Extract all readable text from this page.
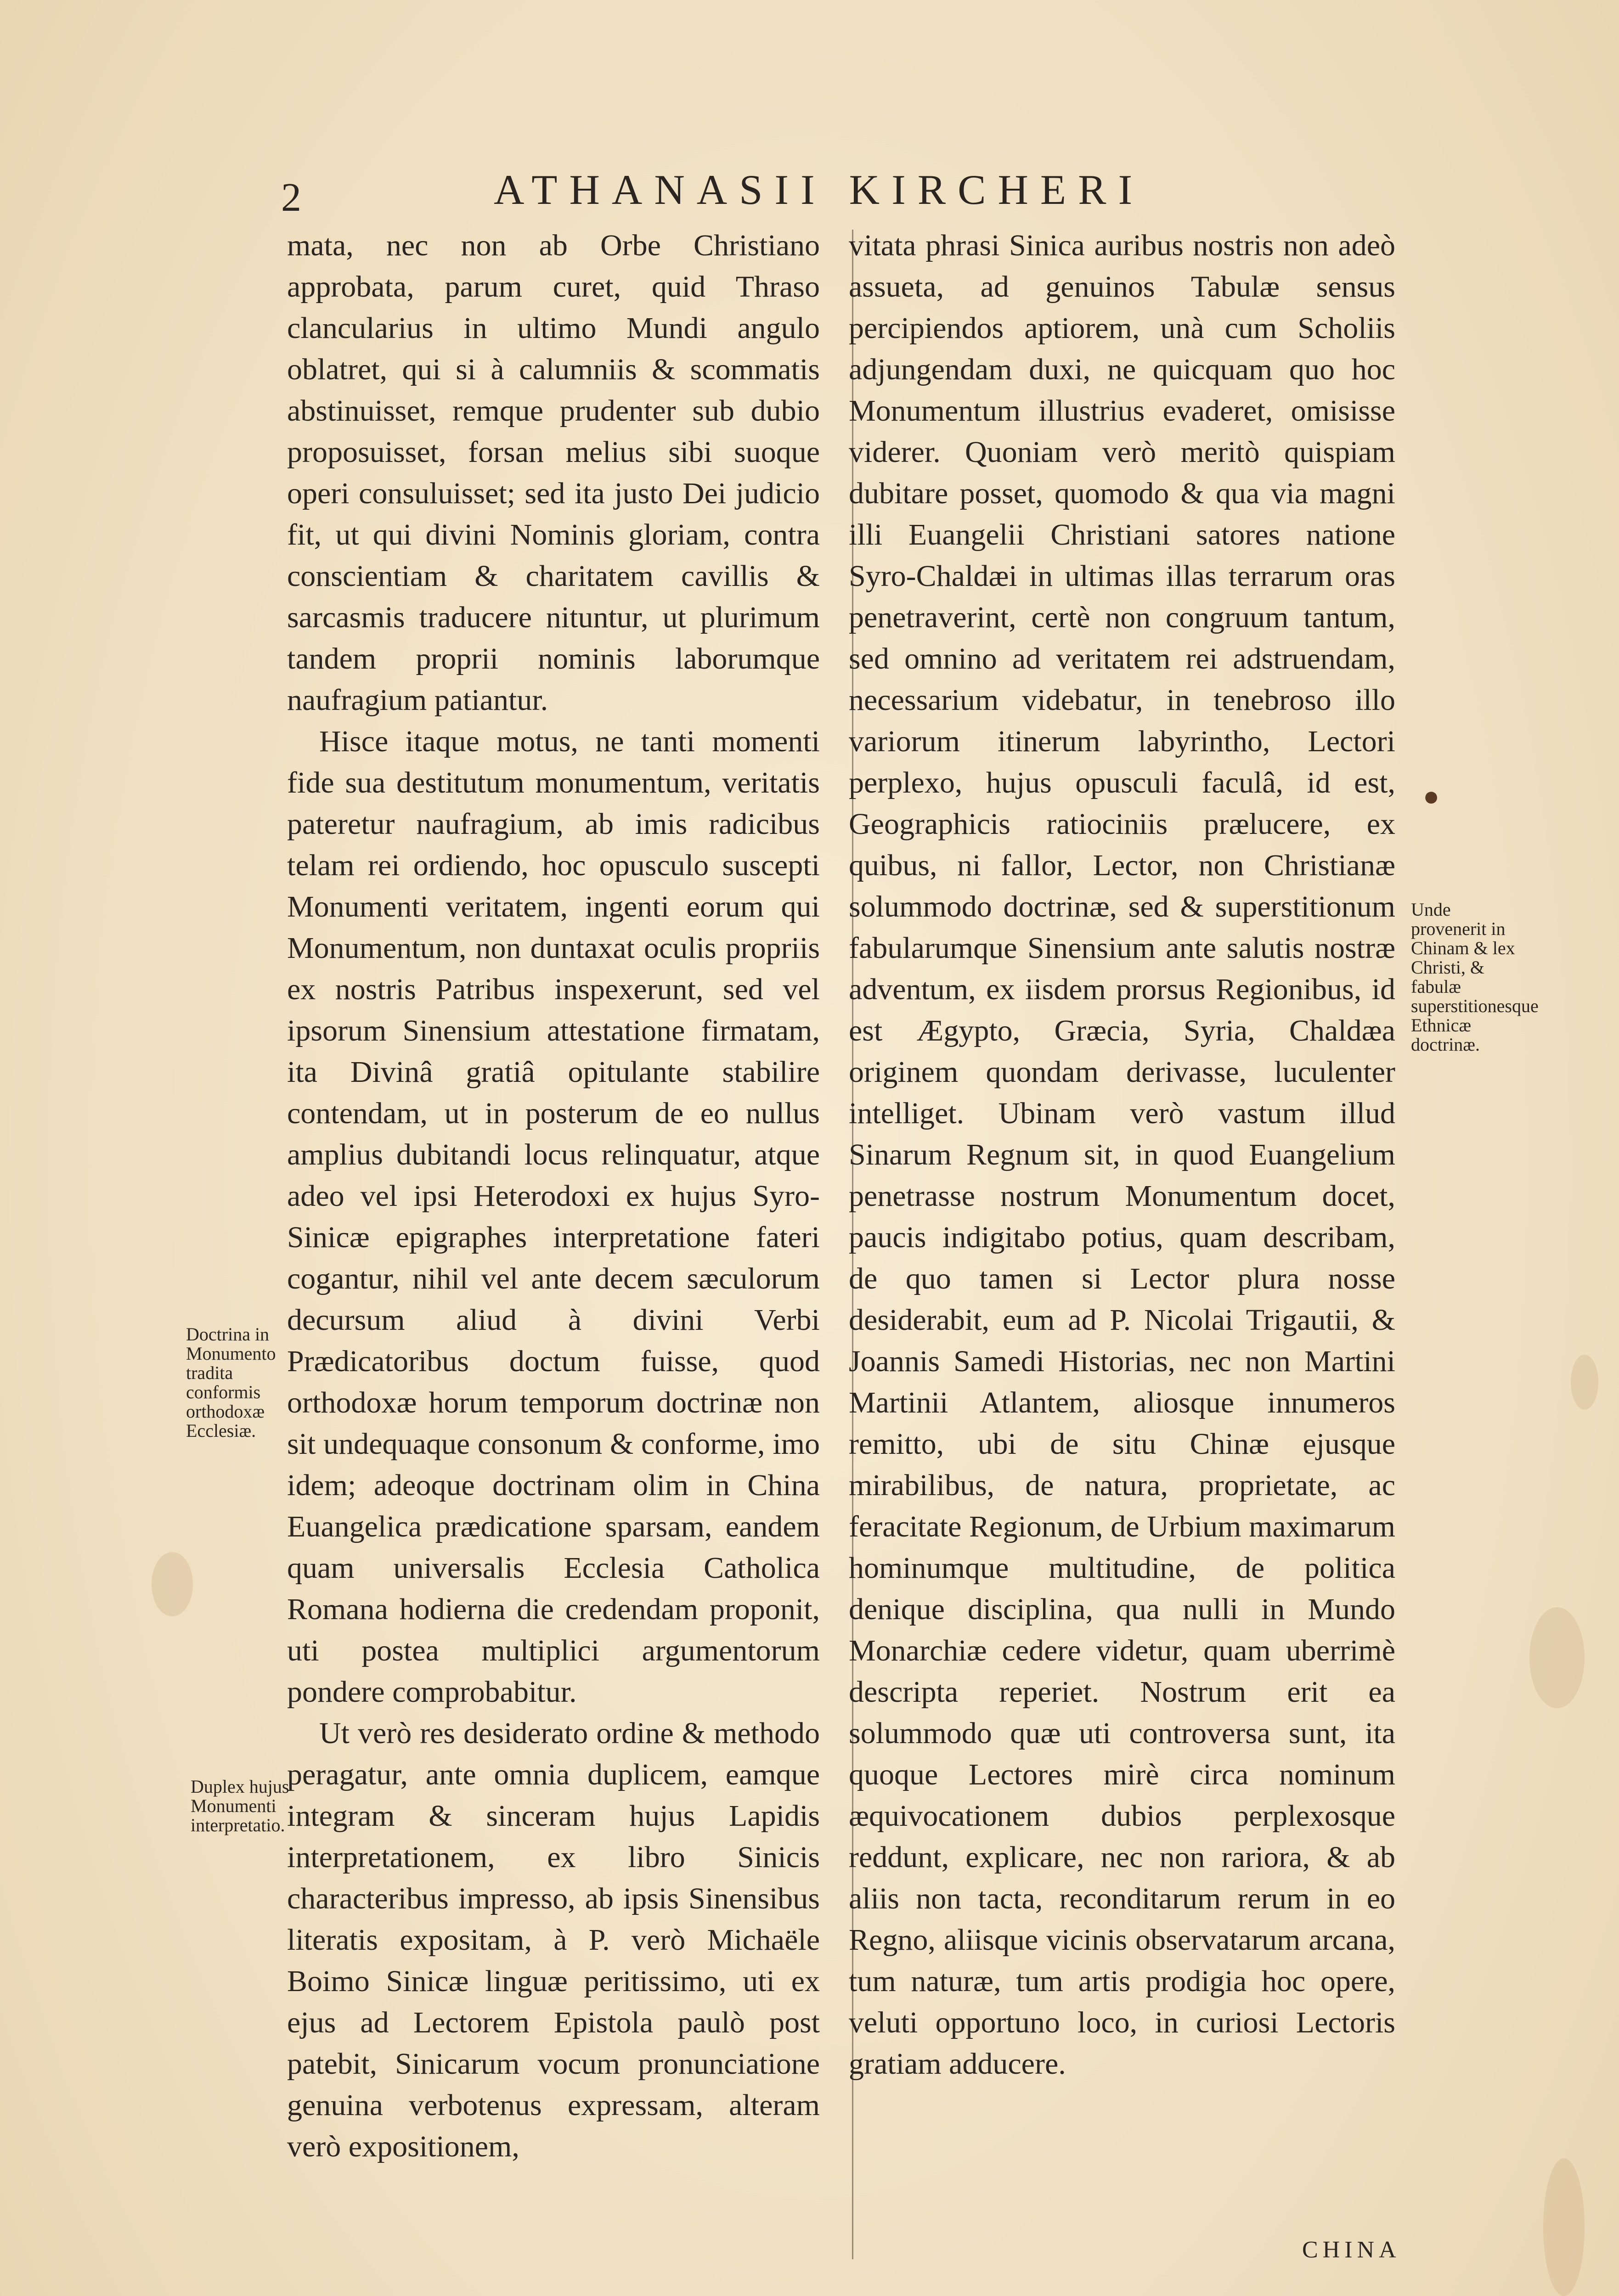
●
2	ATHANASII KIRCHERI

mata, nec non ab Orbe Christiano approbata, parum curet, quid Thraso clancularius in ultimo Mundi angulo oblatret, qui si à calumniis & scommatis abstinuisset, remque prudenter sub dubio proposuisset, forsan melius sibi suoque operi consuluisset; sed ita justo Dei judicio fit, ut qui divini Nominis gloriam, contra conscientiam & charitatem cavillis & sarcasmis traducere nituntur, ut plurimum tandem proprii nominis laborumque naufragium patiantur.

Hisce itaque motus, ne tanti momenti fide sua destitutum monumentum, veritatis pateretur naufragium, ab imis radicibus telam rei ordiendo, hoc opusculo suscepti Monumenti veritatem, ingenti eorum qui Monumentum, non duntaxat oculis propriis ex nostris Patribus inspexerunt, sed vel ipsorum Sinensium attestatione firmatam, ita Divinâ gratiâ opitulante stabilire contendam, ut in posterum de eo nullus amplius dubitandi locus relinquatur, atque adeo vel ipsi Heterodoxi ex hujus Syro-Sinicæ epigraphes interpretatione fateri cogantur, nihil vel ante decem sæculorum decursum aliud à divini Verbi Prædicatoribus doctum fuisse, quod orthodoxæ horum temporum doctrinæ non sit undequaque consonum & conforme, imo idem; adeoque doctrinam olim in China Euangelica prædicatione sparsam, eandem quam universalis Ecclesia Catholica Romana hodierna die credendam proponit, uti postea multiplici argumentorum pondere comprobabitur.

Ut verò res desiderato ordine & methodo peragatur, ante omnia duplicem, eamque integram & sinceram hujus Lapidis interpretationem, ex libro Sinicis characteribus impresso, ab ipsis Sinensibus literatis expositam, à P. verò Michaële Boimo Sinicæ linguæ peritissimo, uti ex ejus ad Lectorem Epistola paulò post patebit, Sinicarum vocum pronunciatione genuina verbotenus expressam, alteram verò expositionem,

vitata phrasi Sinica auribus nostris non adeò assueta, ad genuinos Tabulæ sensus percipiendos aptiorem, unà cum Scholiis adjungendam duxi, ne quicquam quo hoc Monumentum illustrius evaderet, omisisse viderer. Quoniam verò meritò quispiam dubitare posset, quomodo & qua via magni illi Euangelii Christiani satores natione Syro-Chaldæi in ultimas illas terrarum oras penetraverint, certè non congruum tantum, sed omnino ad veritatem rei adstruendam, necessarium videbatur, in tenebroso illo variorum itinerum labyrintho, Lectori perplexo, hujus opusculi faculâ, id est, Geographicis ratiociniis prælucere, ex quibus, ni fallor, Lector, non Christianæ solummodo doctrinæ, sed & superstitionum fabularumque Sinensium ante salutis nostræ adventum, ex iisdem prorsus Regionibus, id est Ægypto, Græcia, Syria, Chaldæa originem quondam derivasse, luculenter intelliget. Ubinam verò vastum illud Sinarum Regnum sit, in quod Euangelium penetrasse nostrum Monumentum docet, paucis indigitabo potius, quam describam, de quo tamen si Lector plura nosse desiderabit, eum ad P. Nicolai Trigautii, & Joannis Samedi Historias, nec non Martini Martinii Atlantem, aliosque innumeros remitto, ubi de situ Chinæ ejusque mirabilibus, de natura, proprietate, ac feracitate Regionum, de Urbium maximarum hominumque multitudine, de politica denique disciplina, qua nulli in Mundo Monarchiæ cedere videtur, quam uberrimè descripta reperiet. Nostrum erit ea solummodo quæ uti controversa sunt, ita quoque Lectores mirè circa nominum æquivocationem dubios perplexosque reddunt, explicare, nec non rariora, & ab aliis non tacta, reconditarum rerum in eo Regno, aliisque vicinis observatarum arcana, tum naturæ, tum artis prodigia hoc opere, veluti opportuno loco, in curiosi Lectoris gratiam adducere.

Doctrina in Monumento tradita conformis orthodoxæ Ecclesiæ.

Duplex hujus Monumenti interpretatio.

Unde provenerit in Chinam & lex Christi, & fabulæ superstitionesque Ethnicæ doctrinæ.

CHINA
